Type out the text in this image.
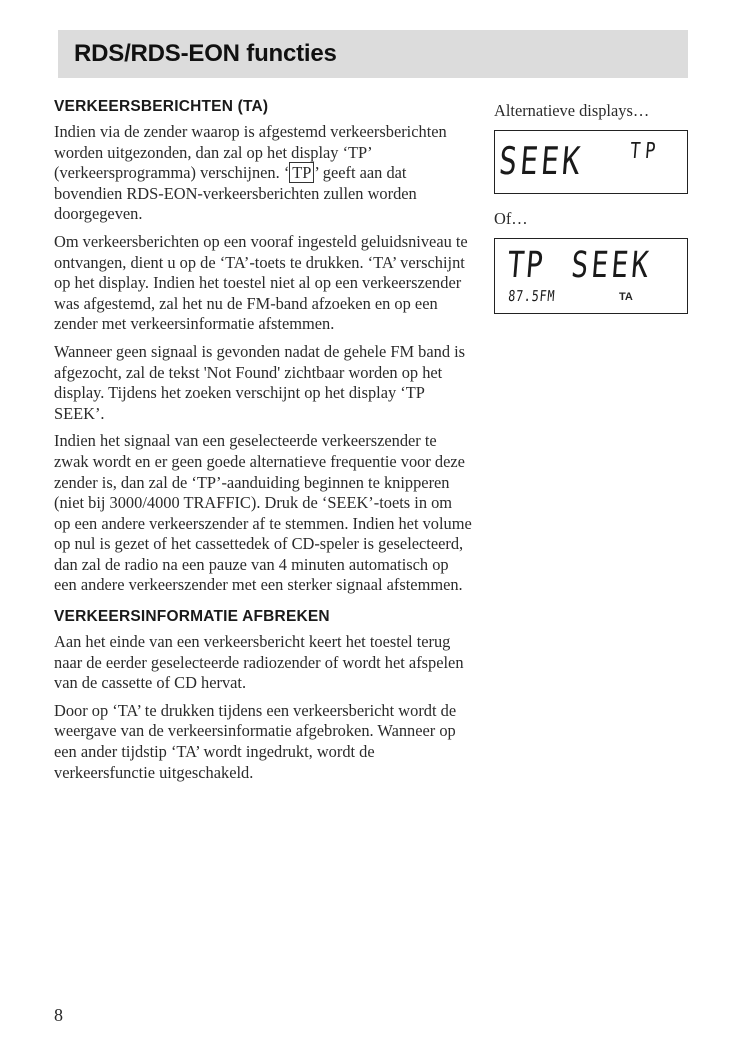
RDS/RDS-EON functies
VERKEERSBERICHTEN (TA)

Indien via de zender waarop is afgestemd verkeersberichten worden uitgezonden, dan zal op het display ‘TP’ (verkeersprogramma) verschijnen. ‘ TP ’ geeft aan dat bovendien RDS-EON-verkeersberichten zullen worden doorgegeven.

Om verkeersberichten op een vooraf ingesteld geluidsniveau te ontvangen, dient u op de ‘TA’-toets te drukken. ‘TA’ verschijnt op het display. Indien het toestel niet al op een verkeerszender was afgestemd, zal het nu de FM-band afzoeken en op een zender met verkeersinformatie afstemmen.

Wanneer geen signaal is gevonden nadat de gehele FM band is afgezocht, zal de tekst 'Not Found' zichtbaar worden op het display. Tijdens het zoeken verschijnt op het display ‘TP SEEK’.

Indien het signaal van een geselecteerde verkeerszender te zwak wordt en er geen goede alternatieve frequentie voor deze zender is, dan zal de ‘TP’-aanduiding beginnen te knipperen (niet bij 3000/4000 TRAFFIC). Druk de ‘SEEK’-toets in om op een andere verkeerszender af te stemmen. Indien het volume op nul is gezet of het cassettedek of CD-speler is geselecteerd, dan zal de radio na een pauze van 4 minuten automatisch op een andere verkeerszender met een sterker signaal afstemmen.

VERKEERSINFORMATIE AFBREKEN

Aan het einde van een verkeersbericht keert het toestel terug naar de eerder geselecteerde radiozender of wordt het afspelen van de cassette of CD hervat.

Door op ‘TA’ te drukken tijdens een verkeersbericht wordt de weergave van de verkeersinformatie afgebroken. Wanneer op een ander tijdstip ‘TA’ wordt ingedrukt, wordt de verkeersfunctie uitgeschakeld.

Alternatieve displays…
SEEK TP
Of…
TP SEEK
87.5FM	TA
8
